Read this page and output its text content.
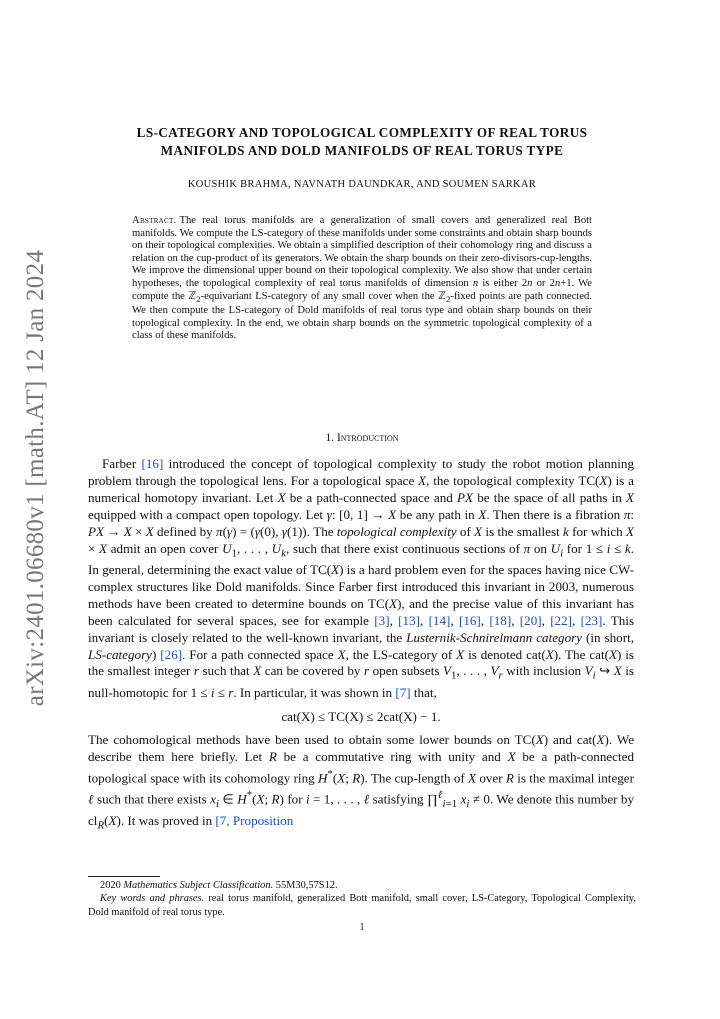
arXiv:2401.06680v1 [math.AT] 12 Jan 2024
LS-CATEGORY AND TOPOLOGICAL COMPLEXITY OF REAL TORUS
MANIFOLDS AND DOLD MANIFOLDS OF REAL TORUS TYPE
KOUSHIK BRAHMA, NAVNATH DAUNDKAR, AND SOUMEN SARKAR
Abstract. The real torus manifolds are a generalization of small covers and generalized real Bott manifolds. We compute the LS-category of these manifolds under some constraints and obtain sharp bounds on their topological complexities. We obtain a simplified description of their cohomology ring and discuss a relation on the cup-product of its generators. We obtain the sharp bounds on their zero-divisors-cup-lengths. We improve the dimensional upper bound on their topological complexity. We also show that under certain hypotheses, the topological complexity of real torus manifolds of dimension n is either 2n or 2n+1. We compute the ℤ$_2$-equivariant LS-category of any small cover when the ℤ$_2$-fixed points are path connected. We then compute the LS-category of Dold manifolds of real torus type and obtain sharp bounds on their topological complexity. In the end, we obtain sharp bounds on the symmetric topological complexity of a class of these manifolds.
1. Introduction

Farber [16] introduced the concept of topological complexity to study the robot motion planning problem through the topological lens. For a topological space X, the topological complexity TC(X) is a numerical homotopy invariant. Let X be a path-connected space and PX be the space of all paths in X equipped with a compact open topology. Let γ: [0, 1] → X be any path in X. Then there is a fibration π: PX → X × X defined by π(γ) = (γ(0), γ(1)). The topological complexity of X is the smallest k for which X × X admit an open cover $U_1$, . . . , $U_k$, such that there exist continuous sections of π on $U_i$ for 1 ≤ i ≤ k. In general, determining the exact value of TC(X) is a hard problem even for the spaces having nice CW-complex structures like Dold manifolds. Since Farber first introduced this invariant in 2003, numerous methods have been created to determine bounds on TC(X), and the precise value of this invariant has been calculated for several spaces, see for example [3], [13], [14], [16], [18], [20], [22], [23]. This invariant is closely related to the well-known invariant, the Lusternik-Schnirelmann category (in short, LS-category) [26]. For a path connected space X, the LS-category of X is denoted cat(X). The cat(X) is the smallest integer r such that X can be covered by r open subsets $V_1$, . . . , $V_r$ with inclusion $V_i$ ↪ X is null-homotopic for 1 ≤ i ≤ r. In particular, it was shown in [7] that,

cat(X) ≤ TC(X) ≤ 2cat(X) − 1.

The cohomological methods have been used to obtain some lower bounds on TC(X) and cat(X). We describe them here briefly. Let R be a commutative ring with unity and X be a path-connected topological space with its cohomology ring H*(X; R). The cup-length of X over R is the maximal integer ℓ such that there exists $x_i$ ∈ H*(X; R) for i = 1, . . . , ℓ satisfying ∏$^\ell_{i=1}$ $x_i \ne 0$. We denote this number by $cl_R(X)$. It was proved in [7, Proposition

2020 Mathematics Subject Classification. 55M30,57S12.

Key words and phrases. real torus manifold, generalized Bott manifold, small cover, LS-Category, Topological Complexity, Dold manifold of real torus type.

1
